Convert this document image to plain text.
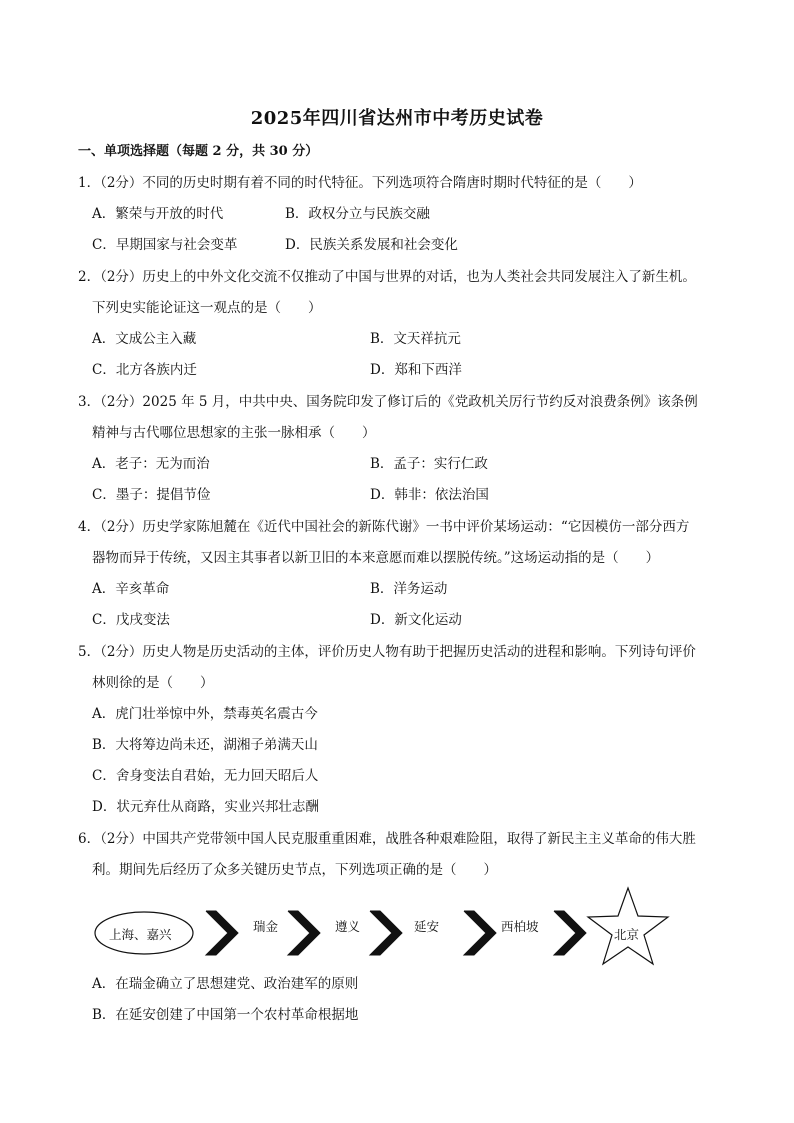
2025年四川省达州市中考历史试卷
一、单项选择题（每题 2 分，共 30 分）
1．（2分）不同的历史时期有着不同的时代特征。下列选项符合隋唐时期时代特征的是（　　）
A．繁荣与开放的时代	B．政权分立与民族交融
C．早期国家与社会变革	D．民族关系发展和社会变化
2．（2分）历史上的中外文化交流不仅推动了中国与世界的对话，也为人类社会共同发展注入了新生机。
下列史实能论证这一观点的是（　　）
A．文成公主入藏	B．文天祥抗元
C．北方各族内迁	D．郑和下西洋
3．（2分）2025 年 5 月，中共中央、国务院印发了修订后的《党政机关厉行节约反对浪费条例》该条例
精神与古代哪位思想家的主张一脉相承（　　）
A．老子：无为而治	B．孟子：实行仁政
C．墨子：提倡节俭	D．韩非：依法治国
4．（2分）历史学家陈旭麓在《近代中国社会的新陈代谢》一书中评价某场运动：“它因模仿一部分西方
器物而异于传统，又因主其事者以新卫旧的本来意愿而难以摆脱传统。”这场运动指的是（　　）
A．辛亥革命	B．洋务运动
C．戊戌变法	D．新文化运动
5．（2分）历史人物是历史活动的主体，评价历史人物有助于把握历史活动的进程和影响。下列诗句评价
林则徐的是（　　）
A．虎门壮举惊中外，禁毒英名震古今
B．大将筹边尚未还，湖湘子弟满天山
C．舍身变法自君始，无力回天昭后人
D．状元弃仕从商路，实业兴邦壮志酬
6．（2分）中国共产党带领中国人民克服重重困难，战胜各种艰难险阻，取得了新民主主义革命的伟大胜
利。期间先后经历了众多关键历史节点，下列选项正确的是（　　）
上海、嘉兴
瑞金	遵义	延安	西柏坡
北京
A．在瑞金确立了思想建党、政治建军的原则
B．在延安创建了中国第一个农村革命根据地
